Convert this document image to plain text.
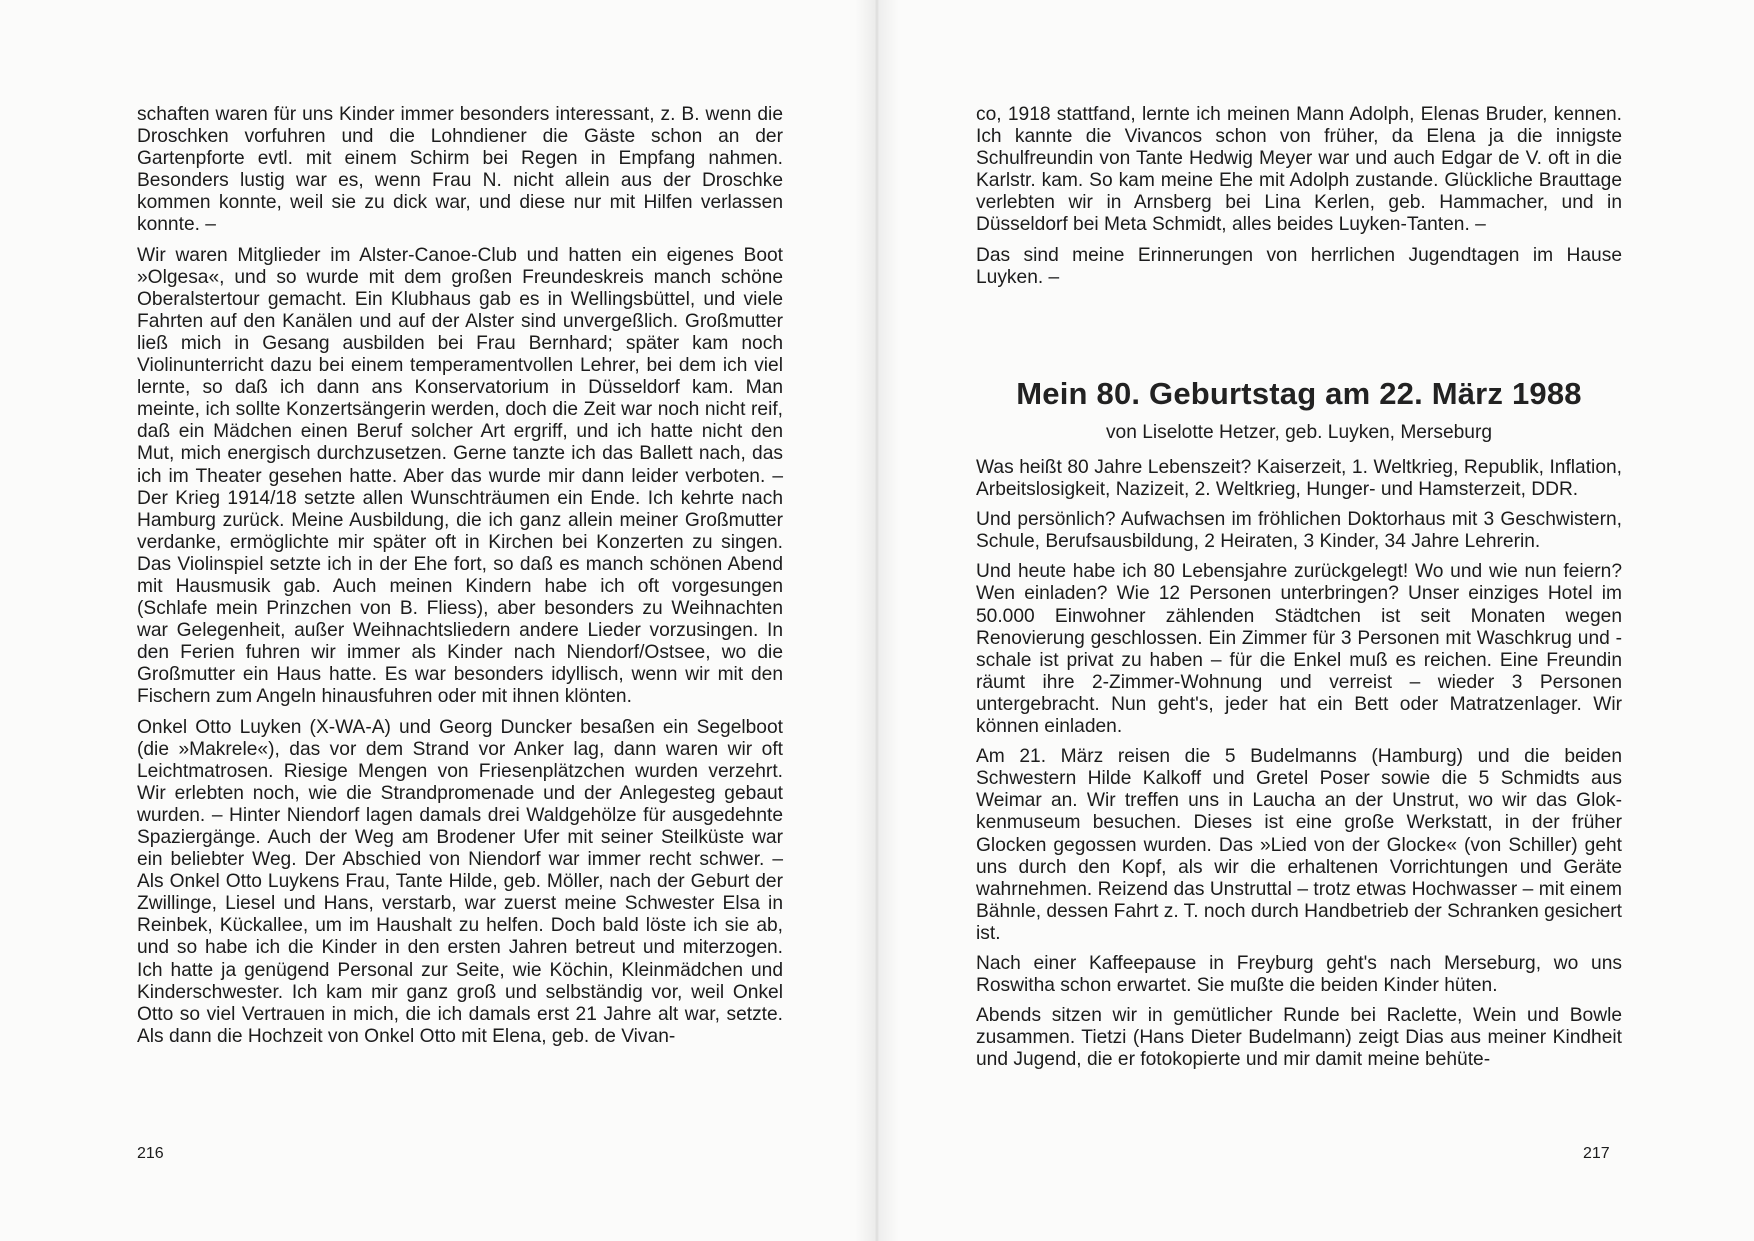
schaften waren für uns Kinder immer besonders interessant, z. B. wenn die Droschken vorfuhren und die Lohndiener die Gäste schon an der Gartenpforte evtl. mit einem Schirm bei Regen in Empfang nahmen. Besonders lustig war es, wenn Frau N. nicht allein aus der Droschke kommen konnte, weil sie zu dick war, und diese nur mit Hilfen verlassen konnte. –

Wir waren Mitglieder im Alster-Canoe-Club und hatten ein eigenes Boot »Olgesa«, und so wurde mit dem großen Freundeskreis manch schöne Oberalstertour gemacht. Ein Klubhaus gab es in Wellingsbüttel, und viele Fahrten auf den Kanälen und auf der Alster sind unvergeßlich. Großmutter ließ mich in Gesang ausbilden bei Frau Bernhard; später kam noch Violinunterricht dazu bei einem temperamentvollen Lehrer, bei dem ich viel lernte, so daß ich dann ans Konservatorium in Düsseldorf kam. Man meinte, ich sollte Konzertsängerin werden, doch die Zeit war noch nicht reif, daß ein Mädchen einen Beruf solcher Art ergriff, und ich hatte nicht den Mut, mich energisch durchzusetzen. Gerne tanzte ich das Ballett nach, das ich im Theater gesehen hatte. Aber das wurde mir dann leider verboten. – Der Krieg 1914/18 setzte allen Wunschträumen ein Ende. Ich kehrte nach Hamburg zurück. Meine Ausbildung, die ich ganz allein meiner Großmutter verdanke, ermöglichte mir später oft in Kirchen bei Konzerten zu singen. Das Violinspiel setzte ich in der Ehe fort, so daß es manch schönen Abend mit Hausmusik gab. Auch meinen Kindern habe ich oft vorgesungen (Schlafe mein Prinzchen von B. Fliess), aber besonders zu Weihnachten war Gelegenheit, außer Weihnachtsliedern andere Lieder vorzusingen. In den Ferien fuhren wir immer als Kinder nach Niendorf/Ostsee, wo die Großmutter ein Haus hatte. Es war besonders idyllisch, wenn wir mit den Fischern zum Angeln hinausfuhren oder mit ihnen klönten.

Onkel Otto Luyken (X-WA-A) und Georg Duncker besaßen ein Segelboot (die »Makrele«), das vor dem Strand vor Anker lag, dann waren wir oft Leichtmatrosen. Riesige Mengen von Friesenplätzchen wurden verzehrt. Wir erlebten noch, wie die Strandpromenade und der Anlegesteg gebaut wurden. – Hinter Niendorf lagen damals drei Waldgehölze für ausgedehnte Spaziergänge. Auch der Weg am Brodener Ufer mit seiner Steilküste war ein beliebter Weg. Der Abschied von Niendorf war immer recht schwer. – Als Onkel Otto Luykens Frau, Tante Hilde, geb. Möller, nach der Geburt der Zwillinge, Liesel und Hans, verstarb, war zuerst meine Schwester Elsa in Reinbek, Kückallee, um im Haushalt zu helfen. Doch bald löste ich sie ab, und so habe ich die Kinder in den ersten Jahren betreut und miterzogen. Ich hatte ja genügend Personal zur Seite, wie Köchin, Kleinmädchen und Kinderschwester. Ich kam mir ganz groß und selbständig vor, weil Onkel Otto so viel Vertrauen in mich, die ich damals erst 21 Jahre alt war, setzte. Als dann die Hochzeit von Onkel Otto mit Elena, geb. de Vivan-

216

co, 1918 stattfand, lernte ich meinen Mann Adolph, Elenas Bruder, kennen. Ich kannte die Vivancos schon von früher, da Elena ja die innigste Schulfreundin von Tante Hedwig Meyer war und auch Edgar de V. oft in die Karlstr. kam. So kam meine Ehe mit Adolph zustande. Glückliche Brauttage verlebten wir in Arnsberg bei Lina Kerlen, geb. Hammacher, und in Düsseldorf bei Meta Schmidt, alles beides Luyken-Tanten. –

Das sind meine Erinnerungen von herrlichen Jugendtagen im Hause Luyken. –

Mein 80. Geburtstag am 22. März 1988
von Liselotte Hetzer, geb. Luyken, Merseburg

Was heißt 80 Jahre Lebenszeit? Kaiserzeit, 1. Weltkrieg, Republik, Inflation, Arbeitslosigkeit, Nazizeit, 2. Weltkrieg, Hunger- und Hamsterzeit, DDR.

Und persönlich? Aufwachsen im fröhlichen Doktorhaus mit 3 Geschwistern, Schule, Berufsausbildung, 2 Heiraten, 3 Kinder, 34 Jahre Lehrerin.

Und heute habe ich 80 Lebensjahre zurückgelegt! Wo und wie nun feiern? Wen einladen? Wie 12 Personen unterbringen? Unser einziges Hotel im 50.000 Einwohner zählenden Städtchen ist seit Monaten wegen Renovierung geschlossen. Ein Zimmer für 3 Personen mit Waschkrug und -schale ist privat zu haben – für die Enkel muß es reichen. Eine Freundin räumt ihre 2-Zimmer-Wohnung und verreist – wieder 3 Personen untergebracht. Nun geht's, jeder hat ein Bett oder Matratzenlager. Wir können einladen.

Am 21. März reisen die 5 Budelmanns (Hamburg) und die beiden Schwestern Hilde Kalkoff und Gretel Poser sowie die 5 Schmidts aus Weimar an. Wir treffen uns in Laucha an der Unstrut, wo wir das Glokkenmuseum besuchen. Dieses ist eine große Werkstatt, in der früher Glocken gegossen wurden. Das »Lied von der Glocke« (von Schiller) geht uns durch den Kopf, als wir die erhaltenen Vorrichtungen und Geräte wahrnehmen. Reizend das Unstruttal – trotz etwas Hochwasser – mit einem Bähnle, dessen Fahrt z. T. noch durch Handbetrieb der Schranken gesichert ist.

Nach einer Kaffeepause in Freyburg geht's nach Merseburg, wo uns Roswitha schon erwartet. Sie mußte die beiden Kinder hüten.

Abends sitzen wir in gemütlicher Runde bei Raclette, Wein und Bowle zusammen. Tietzi (Hans Dieter Budelmann) zeigt Dias aus meiner Kindheit und Jugend, die er fotokopierte und mir damit meine behüte-

217
